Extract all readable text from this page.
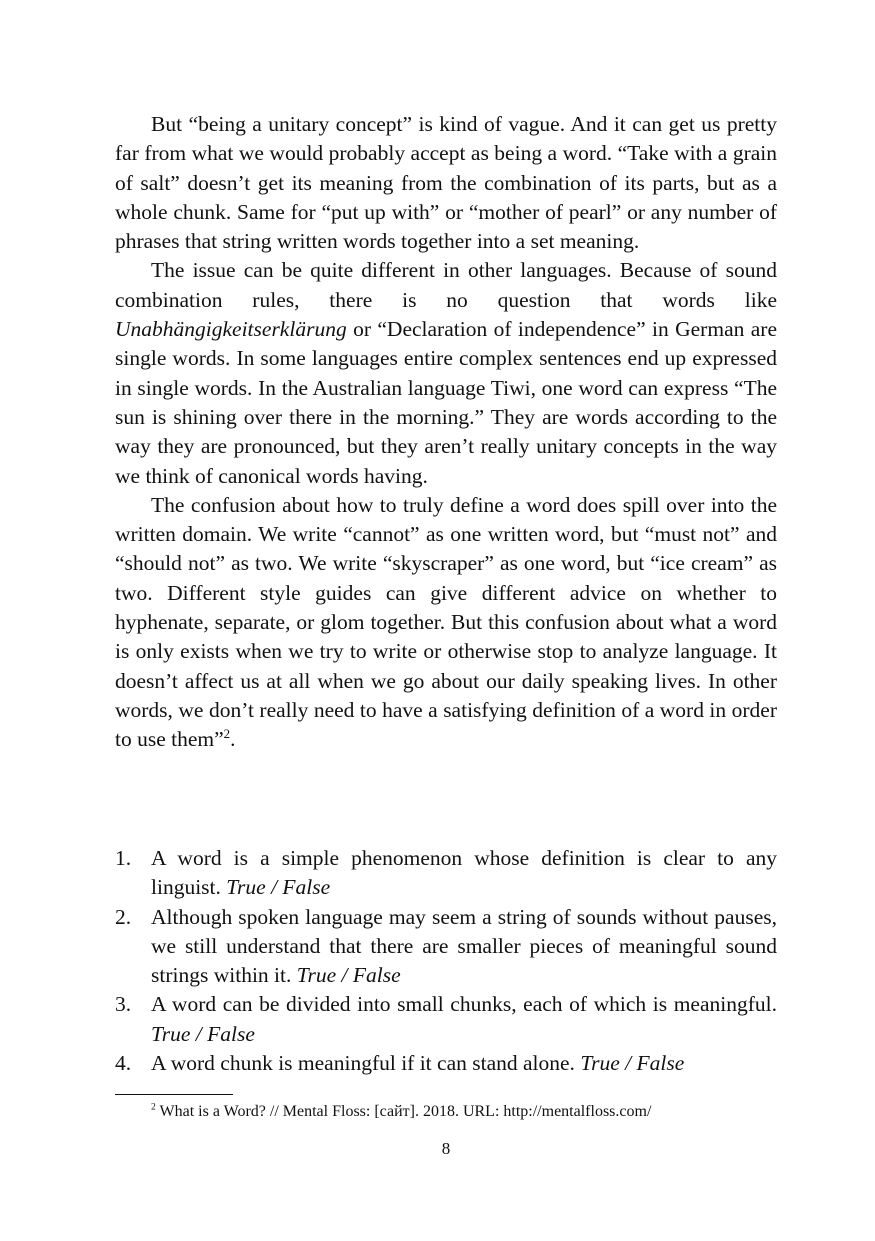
But “being a unitary concept” is kind of vague. And it can get us pretty far from what we would probably accept as being a word. “Take with a grain of salt” doesn’t get its meaning from the combination of its parts, but as a whole chunk. Same for “put up with” or “mother of pearl” or any number of phrases that string written words together into a set meaning.

The issue can be quite different in other languages. Because of sound combination rules, there is no question that words like Unabhängigkeitserklärung or “Declaration of independence” in German are single words. In some languages entire complex sentences end up expressed in single words. In the Australian language Tiwi, one word can express “The sun is shining over there in the morning.” They are words according to the way they are pronounced, but they aren’t really unitary concepts in the way we think of canonical words having.

The confusion about how to truly define a word does spill over into the written domain. We write “cannot” as one written word, but “must not” and “should not” as two. We write “skyscraper” as one word, but “ice cream” as two. Different style guides can give different advice on whether to hyphenate, separate, or glom together. But this confusion about what a word is only exists when we try to write or otherwise stop to analyze language. It doesn’t affect us at all when we go about our daily speaking lives. In other words, we don’t really need to have a satisfying definition of a word in order to use them”$^2$.

1. A word is a simple phenomenon whose definition is clear to any linguist. True / False
2. Although spoken language may seem a string of sounds without pauses, we still understand that there are smaller pieces of meaningful sound strings within it. True / False
3. A word can be divided into small chunks, each of which is meaningful. True / False
4. A word chunk is meaningful if it can stand alone. True / False
$^2$ What is a Word? // Mental Floss: [сайт]. 2018. URL: http://mentalfloss.com/
8
